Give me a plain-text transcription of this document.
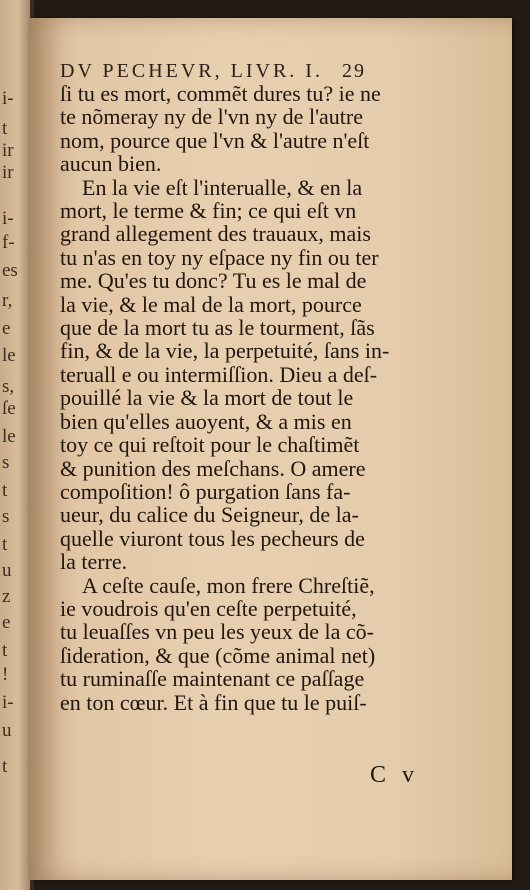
i-
t
ir
ir
i-
f-
es
r,
e
le
s,
ſe
le
s
t
s
t
u
z
e
t
!
i-
u
t
DV PECHEVR, LIVR. I. 29
ſi tu es mort, commẽt dures tu? ie ne
te nõmeray ny de l'vn ny de l'autre
nom, pource que l'vn & l'autre n'eſt
aucun bien.
En la vie eſt l'interualle, & en la
mort, le terme & fin; ce qui eſt vn
grand allegement des trauaux, mais
tu n'as en toy ny eſpace ny fin ou ter
me. Qu'es tu donc? Tu es le mal de
la vie, & le mal de la mort, pource
que de la mort tu as le tourment, ſãs
fin, & de la vie, la perpetuité, ſans in-
teruall e ou intermiſſion. Dieu a deſ-
pouillé la vie & la mort de tout le
bien qu'elles auoyent, & a mis en
toy ce qui reſtoit pour le chaſtimẽt
& punition des meſchans. O amere
compoſition! ô purgation ſans fa-
ueur, du calice du Seigneur, de la-
quelle viuront tous les pecheurs de
la terre.
A ceſte cauſe, mon frere Chreſtiẽ,
ie voudrois qu'en ceſte perpetuité,
tu leuaſſes vn peu les yeux de la cõ-
ſideration, & que (cõme animal net)
tu ruminaſſe maintenant ce paſſage
en ton cœur. Et à fin que tu le puiſ-
C v
